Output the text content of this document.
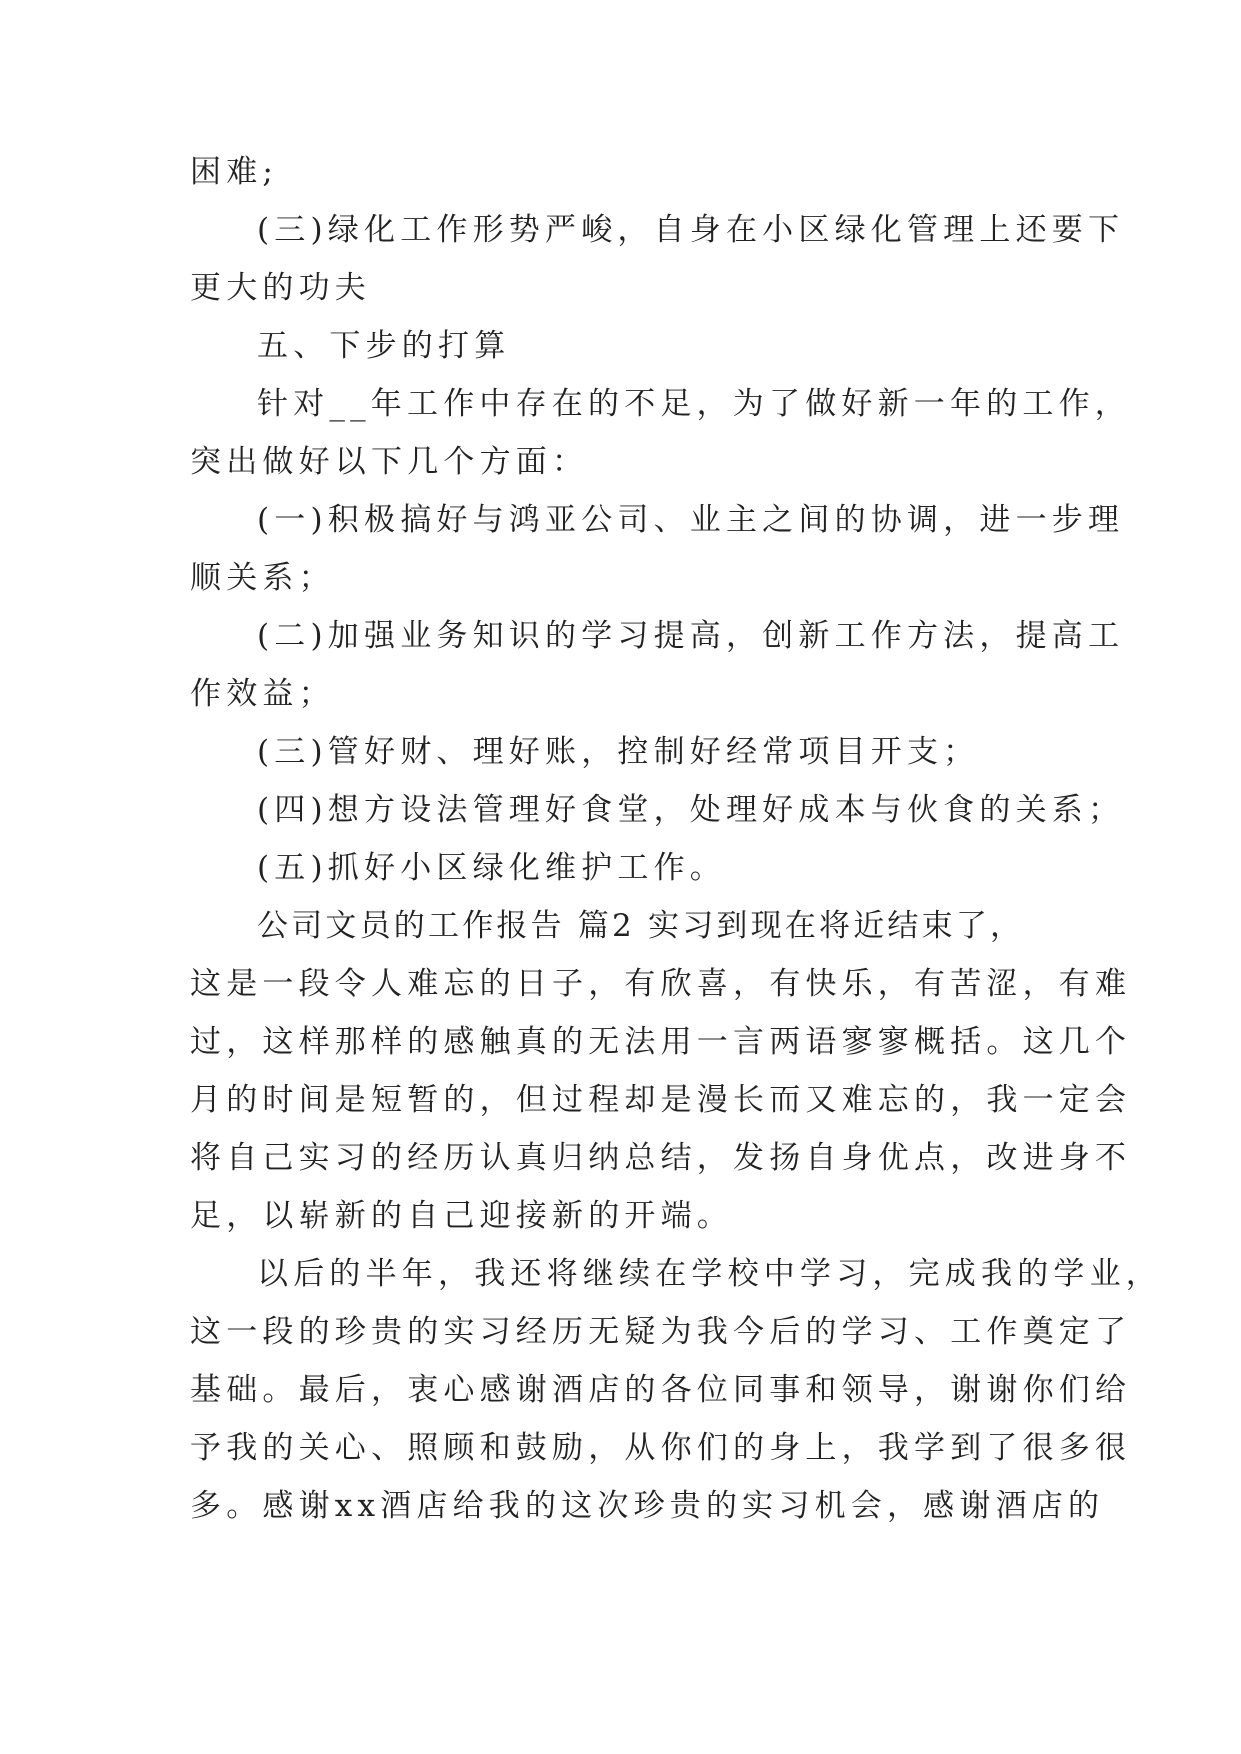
困难;
(三)绿化工作形势严峻，自身在小区绿化管理上还要下
更大的功夫
五、下步的打算
针对__年工作中存在的不足，为了做好新一年的工作，
突出做好以下几个方面：
(一)积极搞好与鸿亚公司、业主之间的协调，进一步理
顺关系；
(二)加强业务知识的学习提高，创新工作方法，提高工
作效益；
(三)管好财、理好账，控制好经常项目开支；
(四)想方设法管理好食堂，处理好成本与伙食的关系；
(五)抓好小区绿化维护工作。
公司文员的工作报告 篇2 实习到现在将近结束了，
这是一段令人难忘的日子，有欣喜，有快乐，有苦涩，有难
过，这样那样的感触真的无法用一言两语寥寥概括。这几个
月的时间是短暂的，但过程却是漫长而又难忘的，我一定会
将自己实习的经历认真归纳总结，发扬自身优点，改进身不
足，以崭新的自己迎接新的开端。
以后的半年，我还将继续在学校中学习，完成我的学业，
这一段的珍贵的实习经历无疑为我今后的学习、工作奠定了
基础。最后，衷心感谢酒店的各位同事和领导，谢谢你们给
予我的关心、照顾和鼓励，从你们的身上，我学到了很多很
多。感谢xx酒店给我的这次珍贵的实习机会，感谢酒店的
